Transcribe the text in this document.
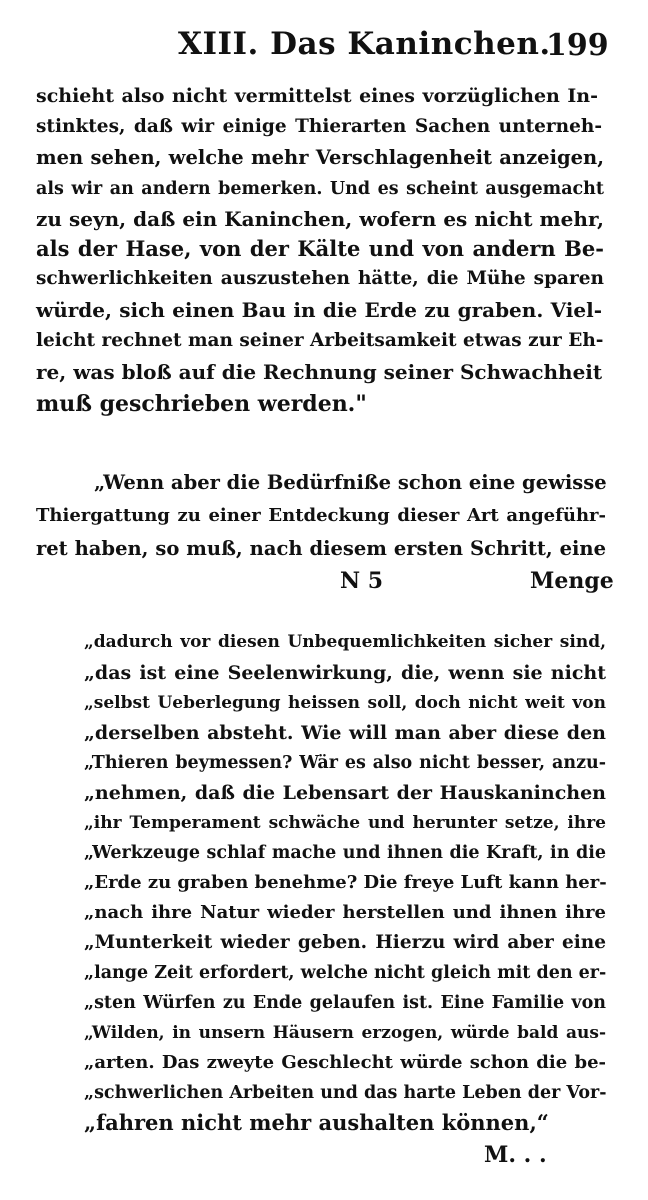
XIII. Das Kaninchen.
199
schieht also nicht vermittelst eines vorzüglichen In-
stinktes, daß wir einige Thierarten Sachen unterneh-
men sehen, welche mehr Verschlagenheit anzeigen,
als wir an andern bemerken. Und es scheint ausgemacht
zu seyn, daß ein Kaninchen, wofern es nicht mehr,
als der Hase, von der Kälte und von andern Be-
schwerlichkeiten auszustehen hätte, die Mühe sparen
würde, sich einen Bau in die Erde zu graben. Viel-
leicht rechnet man seiner Arbeitsamkeit etwas zur Eh-
re, was bloß auf die Rechnung seiner Schwachheit
muß geschrieben werden."
„Wenn aber die Bedürfniße schon eine gewisse
Thiergattung zu einer Entdeckung dieser Art angeführ-
ret haben, so muß, nach diesem ersten Schritt, eine
N 5	Menge
„dadurch vor diesen Unbequemlichkeiten sicher sind,
„das ist eine Seelenwirkung, die, wenn sie nicht
„selbst Ueberlegung heissen soll, doch nicht weit von
„derselben absteht. Wie will man aber diese den
„Thieren beymessen? Wär es also nicht besser, anzu-
„nehmen, daß die Lebensart der Hauskaninchen
„ihr Temperament schwäche und herunter setze, ihre
„Werkzeuge schlaf mache und ihnen die Kraft, in die
„Erde zu graben benehme? Die freye Luft kann her-
„nach ihre Natur wieder herstellen und ihnen ihre
„Munterkeit wieder geben. Hierzu wird aber eine
„lange Zeit erfordert, welche nicht gleich mit den er-
„sten Würfen zu Ende gelaufen ist. Eine Familie von
„Wilden, in unsern Häusern erzogen, würde bald aus-
„arten. Das zweyte Geschlecht würde schon die be-
„schwerlichen Arbeiten und das harte Leben der Vor-
„fahren nicht mehr aushalten können,“
M. . .
